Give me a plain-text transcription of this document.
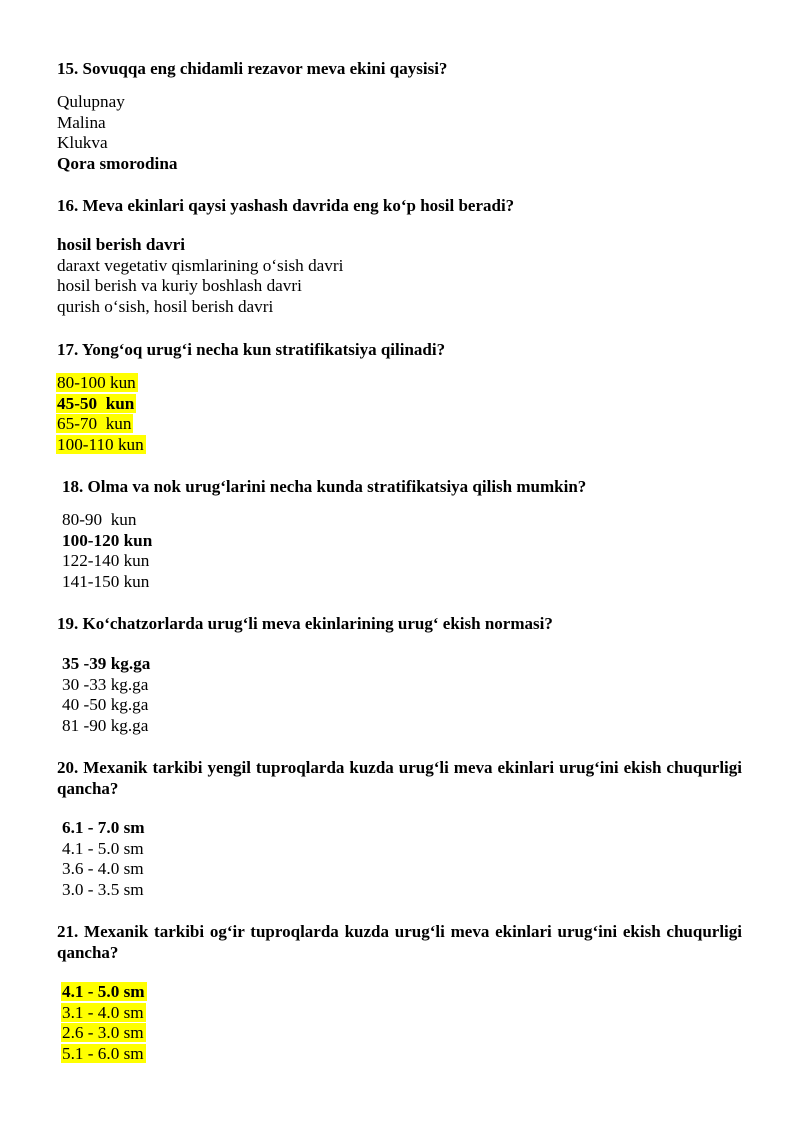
15. Sovuqqa eng chidamli rezavor meva ekini qaysisi?

Qulupnay
Malina
Klukva
Qora smorodina

16. Meva ekinlari qaysi yashash davrida eng ko‘p hosil beradi?

hosil berish davri
daraxt vegetativ qismlarining o‘sish davri
hosil berish va kuriy boshlash davri
qurish o‘sish, hosil berish davri

17. Yong‘oq urug‘i necha kun stratifikatsiya qilinadi?

80-100 kun
45-50  kun
65-70  kun
100-110 kun

18. Olma va nok urug‘larini necha kunda stratifikatsiya qilish mumkin?

80-90  kun
100-120 kun
122-140 kun
141-150 kun

19. Ko‘chatzorlarda urug‘li meva ekinlarining urug‘ ekish normasi?

35 -39 kg.ga
30 -33 kg.ga
40 -50 kg.ga
81 -90 kg.ga

20. Mexanik tarkibi yengil tuproqlarda kuzda urug‘li meva ekinlari urug‘ini ekish chuqurligi qancha?

6.1 - 7.0 sm
4.1 - 5.0 sm
3.6 - 4.0 sm
3.0 - 3.5 sm

21. Mexanik tarkibi og‘ir tuproqlarda kuzda urug‘li meva ekinlari urug‘ini ekish chuqurligi qancha?

4.1 - 5.0 sm
3.1 - 4.0 sm
2.6 - 3.0 sm
5.1 - 6.0 sm
